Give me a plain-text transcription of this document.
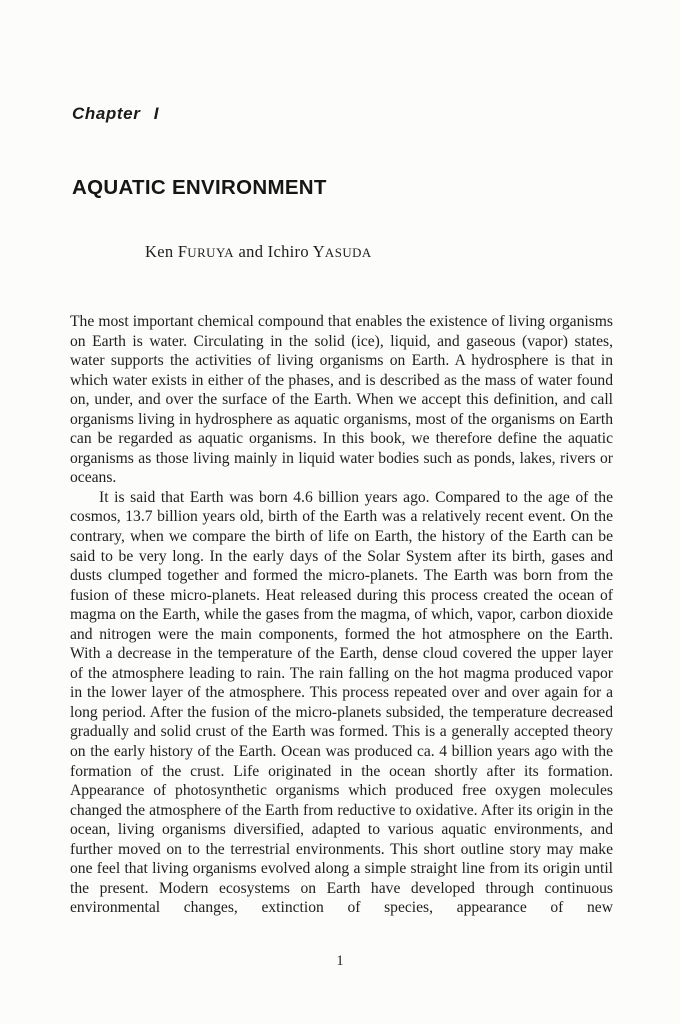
Chapter I
AQUATIC ENVIRONMENT
Ken FURUYA and Ichiro YASUDA

The most important chemical compound that enables the existence of living organisms on Earth is water. Circulating in the solid (ice), liquid, and gaseous (vapor) states, water supports the activities of living organisms on Earth. A hydrosphere is that in which water exists in either of the phases, and is described as the mass of water found on, under, and over the surface of the Earth. When we accept this definition, and call organisms living in hydrosphere as aquatic organisms, most of the organisms on Earth can be regarded as aquatic organisms. In this book, we therefore define the aquatic organisms as those living mainly in liquid water bodies such as ponds, lakes, rivers or oceans.

It is said that Earth was born 4.6 billion years ago. Compared to the age of the cosmos, 13.7 billion years old, birth of the Earth was a relatively recent event. On the contrary, when we compare the birth of life on Earth, the history of the Earth can be said to be very long. In the early days of the Solar System after its birth, gases and dusts clumped together and formed the micro-planets. The Earth was born from the fusion of these micro-planets. Heat released during this process created the ocean of magma on the Earth, while the gases from the magma, of which, vapor, carbon dioxide and nitrogen were the main components, formed the hot atmosphere on the Earth. With a decrease in the temperature of the Earth, dense cloud covered the upper layer of the atmosphere leading to rain. The rain falling on the hot magma produced vapor in the lower layer of the atmosphere. This process repeated over and over again for a long period. After the fusion of the micro-planets subsided, the temperature decreased gradually and solid crust of the Earth was formed. This is a generally accepted theory on the early history of the Earth. Ocean was produced ca. 4 billion years ago with the formation of the crust. Life originated in the ocean shortly after its formation. Appearance of photosynthetic organisms which produced free oxygen molecules changed the atmosphere of the Earth from reductive to oxidative. After its origin in the ocean, living organisms diversified, adapted to various aquatic environments, and further moved on to the terrestrial environments. This short outline story may make one feel that living organisms evolved along a simple straight line from its origin until the present. Modern ecosystems on Earth have developed through continuous environmental changes, extinction of species, appearance of new

1
